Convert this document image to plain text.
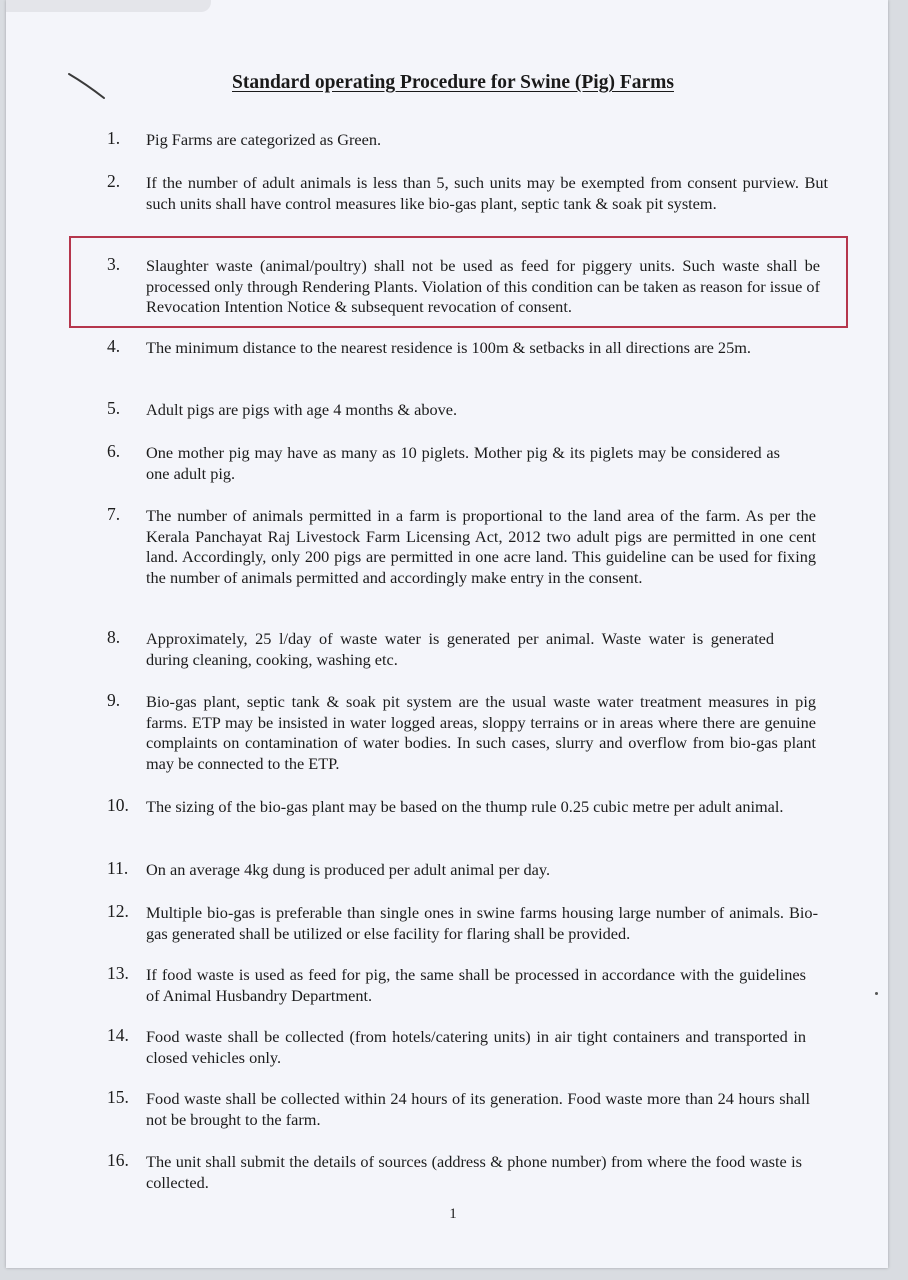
Standard operating Procedure for Swine (Pig) Farms
1.	Pig Farms are categorized as Green.
2.	If the number of adult animals is less than 5, such units may be exempted from consent purview. But such units shall have control measures like bio-gas plant, septic tank & soak pit system.
3.	Slaughter waste (animal/poultry) shall not be used as feed for piggery units. Such waste shall be processed only through Rendering Plants. Violation of this condition can be taken as reason for issue of Revocation Intention Notice & subsequent revocation of consent.
4.	The minimum distance to the nearest residence is 100m & setbacks in all directions are 25m.
5.	Adult pigs are pigs with age 4 months & above.
6.	One mother pig may have as many as 10 piglets. Mother pig & its piglets may be considered as one adult pig.
7.	The number of animals permitted in a farm is proportional to the land area of the farm. As per the Kerala Panchayat Raj Livestock Farm Licensing Act, 2012 two adult pigs are permitted in one cent land. Accordingly, only 200 pigs are permitted in one acre land. This guideline can be used for fixing the number of animals permitted and accordingly make entry in the consent.
8.	Approximately, 25 l/day of waste water is generated per animal. Waste water is generated during cleaning, cooking, washing etc.
9.	Bio-gas plant, septic tank & soak pit system are the usual waste water treatment measures in pig farms. ETP may be insisted in water logged areas, sloppy terrains or in areas where there are genuine complaints on contamination of water bodies. In such cases, slurry and overflow from bio-gas plant may be connected to the ETP.
10.	The sizing of the bio-gas plant may be based on the thump rule 0.25 cubic metre per adult animal.
11.	On an average 4kg dung is produced per adult animal per day.
12.	Multiple bio-gas is preferable than single ones in swine farms housing large number of animals. Bio-gas generated shall be utilized or else facility for flaring shall be provided.
13.	If food waste is used as feed for pig, the same shall be processed in accordance with the guidelines of Animal Husbandry Department.
14.	Food waste shall be collected (from hotels/catering units) in air tight containers and transported in closed vehicles only.
15.	Food waste shall be collected within 24 hours of its generation. Food waste more than 24 hours shall not be brought to the farm.
16.	The unit shall submit the details of sources (address & phone number) from where the food waste is collected.
1
